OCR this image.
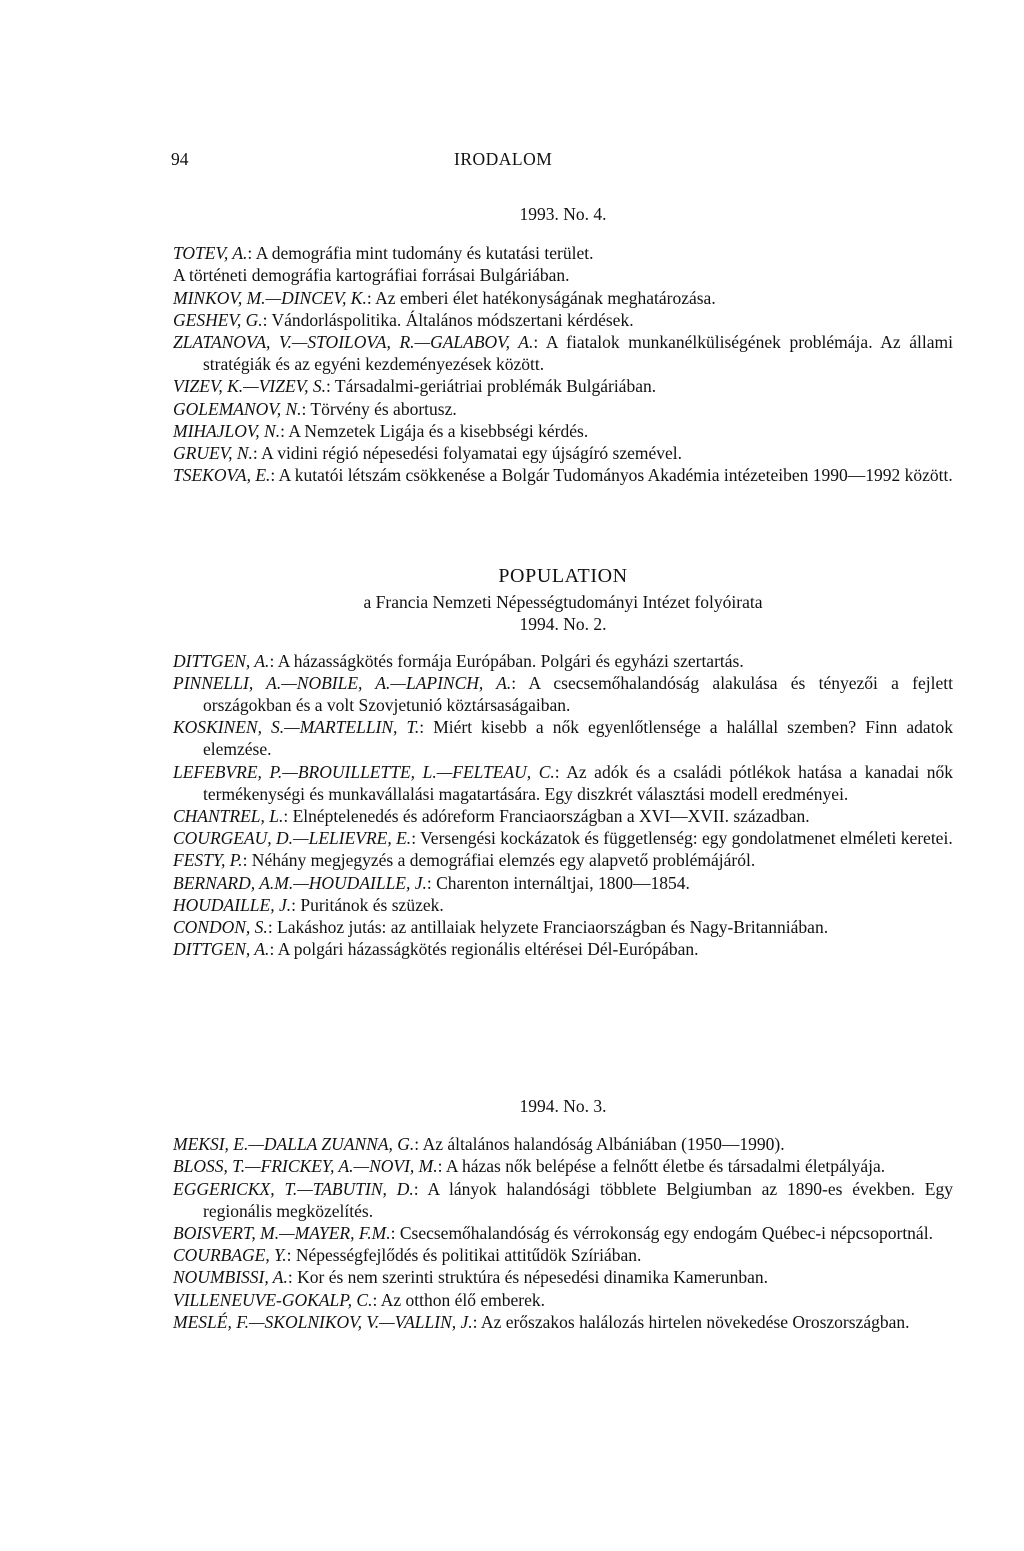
94	IRODALOM

1993. No. 4.

TOTEV, A.: A demográfia mint tudomány és kutatási terület.
A történeti demográfia kartográfiai forrásai Bulgáriában.
MINKOV, M.—DINCEV, K.: Az emberi élet hatékonyságának meghatározása.
GESHEV, G.: Vándorláspolitika. Általános módszertani kérdések.
ZLATANOVA, V.—STOILOVA, R.—GALABOV, A.: A fiatalok munkanélküliségének problémája. Az állami stratégiák és az egyéni kezdeményezések között.
VIZEV, K.—VIZEV, S.: Társadalmi-geriátriai problémák Bulgáriában.
GOLEMANOV, N.: Törvény és abortusz.
MIHAJLOV, N.: A Nemzetek Ligája és a kisebbségi kérdés.
GRUEV, N.: A vidini régió népesedési folyamatai egy újságíró szemével.
TSEKOVA, E.: A kutatói létszám csökkenése a Bolgár Tudományos Akadémia intézeteiben 1990—1992 között.

POPULATION

a Francia Nemzeti Népességtudományi Intézet folyóirata

1994. No. 2.

DITTGEN, A.: A házasságkötés formája Európában. Polgári és egyházi szertartás.
PINNELLI, A.—NOBILE, A.—LAPINCH, A.: A csecsemőhalandóság alakulása és tényezői a fejlett országokban és a volt Szovjetunió köztársaságaiban.
KOSKINEN, S.—MARTELLIN, T.: Miért kisebb a nők egyenlőtlensége a halállal szemben? Finn adatok elemzése.
LEFEBVRE, P.—BROUILLETTE, L.—FELTEAU, C.: Az adók és a családi pótlékok hatása a kanadai nők termékenységi és munkavállalási magatartására. Egy diszkrét választási modell eredményei.
CHANTREL, L.: Elnéptelenedés és adóreform Franciaországban a XVI—XVII. században.
COURGEAU, D.—LELIEVRE, E.: Versengési kockázatok és függetlenség: egy gondolatmenet elméleti keretei.
FESTY, P.: Néhány megjegyzés a demográfiai elemzés egy alapvető problémájáról.
BERNARD, A.M.—HOUDAILLE, J.: Charenton internáltjai, 1800—1854.
HOUDAILLE, J.: Puritánok és szüzek.
CONDON, S.: Lakáshoz jutás: az antillaiak helyzete Franciaországban és Nagy-Britanniában.
DITTGEN, A.: A polgári házasságkötés regionális eltérései Dél-Európában.

1994. No. 3.

MEKSI, E.—DALLA ZUANNA, G.: Az általános halandóság Albániában (1950—1990).
BLOSS, T.—FRICKEY, A.—NOVI, M.: A házas nők belépése a felnőtt életbe és társadalmi életpályája.
EGGERICKX, T.—TABUTIN, D.: A lányok halandósági többlete Belgiumban az 1890-es években. Egy regionális megközelítés.
BOISVERT, M.—MAYER, F.M.: Csecsemőhalandóság és vérrokonság egy endogám Québec-i népcsoportnál.
COURBAGE, Y.: Népességfejlődés és politikai attitűdök Szíriában.
NOUMBISSI, A.: Kor és nem szerinti struktúra és népesedési dinamika Kamerunban.
VILLENEUVE-GOKALP, C.: Az otthon élő emberek.
MESLÉ, F.—SKOLNIKOV, V.—VALLIN, J.: Az erőszakos halálozás hirtelen növekedése Oroszországban.
